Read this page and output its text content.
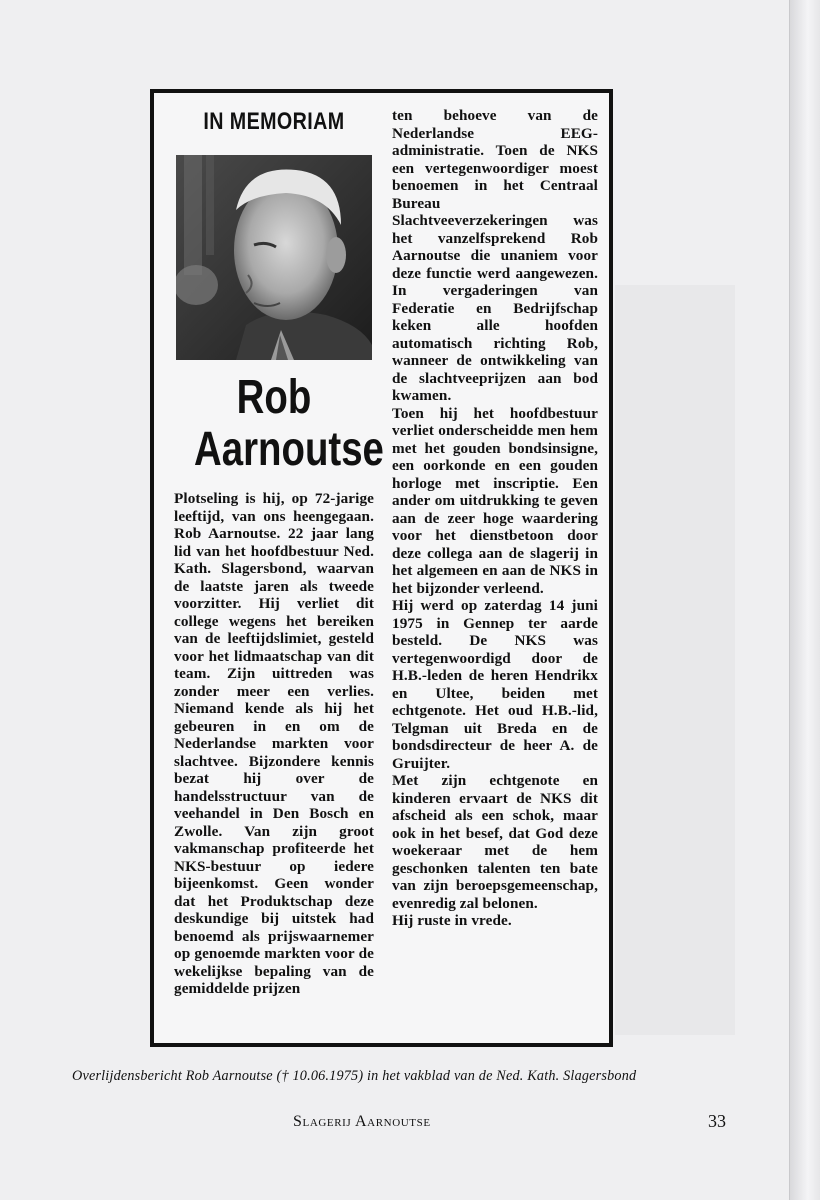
IN MEMORIAM
Rob
Aarnoutse

Plotseling is hij, op 72-jarige leeftijd, van ons heengegaan. Rob Aarnoutse. 22 jaar lang lid van het hoofdbestuur Ned. Kath. Slagersbond, waarvan de laatste jaren als tweede voorzitter. Hij verliet dit college wegens het bereiken van de leeftijdslimiet, gesteld voor het lidmaatschap van dit team. Zijn uittreden was zonder meer een verlies. Niemand kende als hij het gebeuren in en om de Nederlandse markten voor slachtvee. Bijzondere kennis bezat hij over de handelsstructuur van de veehandel in Den Bosch en Zwolle. Van zijn groot vakmanschap profiteerde het NKS-bestuur op iedere bijeenkomst. Geen wonder dat het Produktschap deze deskundige bij uitstek had benoemd als prijswaarnemer op genoemde markten voor de wekelijkse bepaling van de gemiddelde prijzen

ten behoeve van de Nederlandse EEG-administratie. Toen de NKS een vertegenwoordiger moest benoemen in het Centraal Bureau Slachtveeverzekeringen was het vanzelfsprekend Rob Aarnoutse die unaniem voor deze functie werd aangewezen. In vergaderingen van Federatie en Bedrijfschap keken alle hoofden automatisch richting Rob, wanneer de ontwikkeling van de slachtveeprijzen aan bod kwamen.

Toen hij het hoofdbestuur verliet onderscheidde men hem met het gouden bondsinsigne, een oorkonde en een gouden horloge met inscriptie. Een ander om uitdrukking te geven aan de zeer hoge waardering voor het dienstbetoon door deze collega aan de slagerij in het algemeen en aan de NKS in het bijzonder verleend.

Hij werd op zaterdag 14 juni 1975 in Gennep ter aarde besteld. De NKS was vertegenwoordigd door de H.B.-leden de heren Hendrikx en Ultee, beiden met echtgenote. Het oud H.B.-lid, Telgman uit Breda en de bondsdirecteur de heer A. de Gruijter.

Met zijn echtgenote en kinderen ervaart de NKS dit afscheid als een schok, maar ook in het besef, dat God deze woekeraar met de hem geschonken talenten ten bate van zijn beroepsgemeenschap, evenredig zal belonen.

Hij ruste in vrede.

Overlijdensbericht Rob Aarnoutse († 10.06.1975) in het vakblad van de Ned. Kath. Slagersbond
Slagerij Aarnoutse	33
